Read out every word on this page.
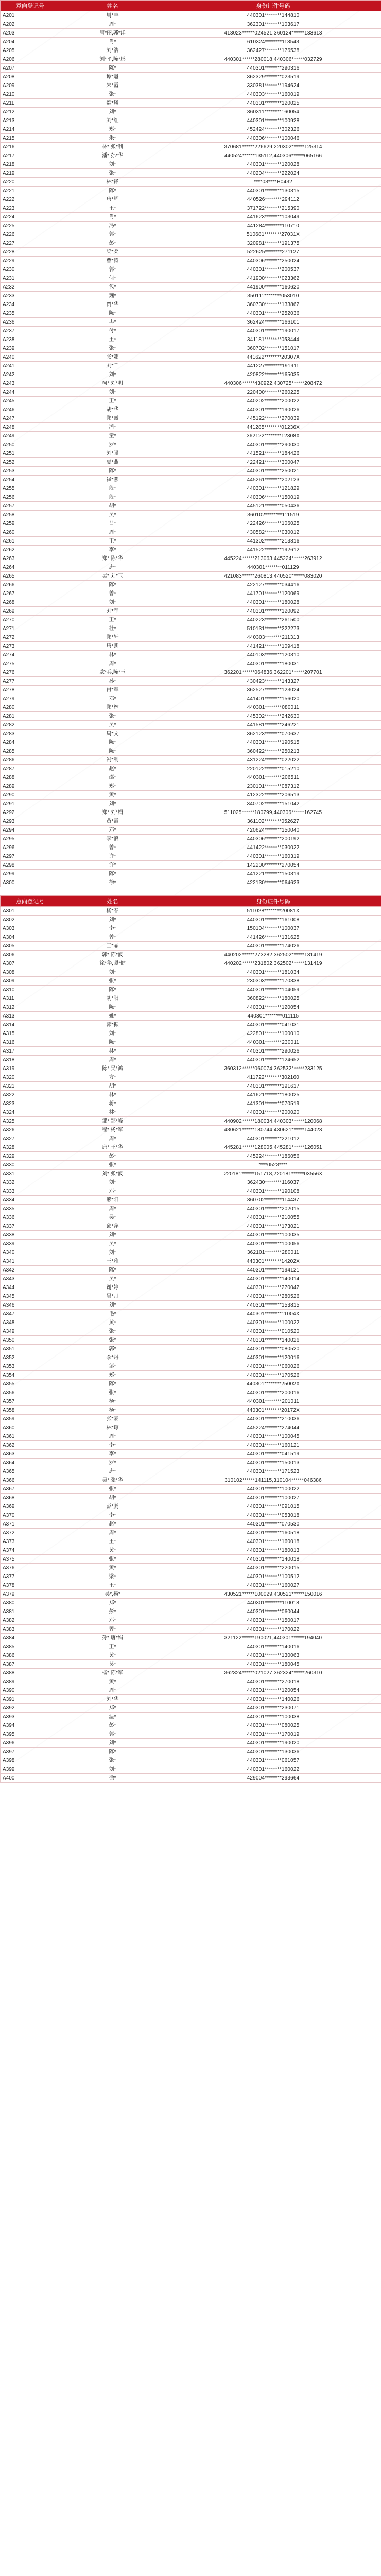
意向登记号	姓名	身份证件号码
A201	周*丰	440301********144810
A202	周*	362301********103617
A203	唐*丽,郭*洋	413023******024521,360124******133613
A204	肖*	610324********113543
A205	刘*浩	362427********176538
A206	刘*平,陈*彤	440301******280018,440306******032729
A207	陈*	440301********290316
A208	谭*魁	362329********023519
A209	朱*霞	330381********194624
A210	张*	440303********160019
A211	魏*凤	440301********120025
A212	刘*	360311********160054
A213	刘*红	440301********100928
A214	郑*	452424********302326
A215	朱*	440306********100046
A216	林*,张*利	370681******226629,220302******125314
A217	潘*,孙*华	440524******135112,440306******065166
A218	刘*	440301********120028
A219	张*	440204********222024
A220	林*锋	****03****H0432
A221	陈*	440301********130315
A222	唐*辉	440526********294112
A223	王*	371722********215390
A224	肖*	441623********103049
A225	冯*	441284********110710
A226	郭*	510681********27031X
A227	彭*	320981********191375
A228	梁*柔	522625********271127
A229	曹*涛	440306********250024
A230	郭*	440301********200537
A231	何*	441900********023362
A232	包*	441900********160620
A233	魏*	350111********053010
A234	贾*华	360730********133862
A235	陈*	440301********252036
A236	冉*	362424********166101
A237	付*	440301********190017
A238	王*	341181********053444
A239	张*	360702********151017
A240	张*娜	441622********20307X
A241	刘*千	441227********191911
A242	刘*	420822********165035
A243	柯*,刘*明	440306******430922,430725******208472
A244	刘*	220400********260225
A245	王*	440202********200022
A246	胡*华	440301********190026
A247	郑*露	445122********270039
A248	潘*	441285********01236X
A249	童*	362122********12308X
A250	罗*	440301********290030
A251	刘*强	441521********184426
A252	夏*燕	422421********300047
A253	陈*	440301********250021
A254	崔*燕	445261********202123
A255	段*	440301********121829
A256	段*	440306********150019
A257	胡*	445121********050436
A258	吴*	360102********111519
A259	吕*	422426********106025
A260	周*	430582********030012
A261	王*	441302********213816
A262	李*	441522********192612
A263	郑*,陈*华	445224******213063,445224******263912
A264	唐*	440301********011129
A265	吴*,刘*玉	421083******260813,440520******083020
A266	陈*	422127********034416
A267	曾*	441701********120069
A268	刘*	440301********180028
A269	刘*军	440301********120092
A270	王*	440223********261500
A271	杜*	510131********222273
A272	郑*轩	440303********211313
A273	唐*朗	441421********109418
A274	林*	440103********120310
A275	周*	440301********180031
A276	欧*兵,陈*玉	362201******064836,362201******207701
A277	孙*	430423********143327
A278	肖*军	362527********123024
A279	邓*	441401********156020
A280	郑*林	440301********080011
A281	张*	445302********242630
A282	吴*	441581********246221
A283	周*文	362123********070637
A284	陈*	440301********190515
A285	陈*	360422********250213
A286	冯*利	431224********022022
A287	赵*	220122********015210
A288	邵*	440301********206511
A289	郑*	230101********087312
A290	黄*	412322********206513
A291	刘*	340702********151042
A292	郑*,刘*娟	511025******180799,440306******162745
A293	黄*霞	361102********052627
A294	邓*	420624********150040
A295	李*浪	440306********200192
A296	曾*	441422********030022
A297	许*	440301********160319
A298	许*	142200********270054
A299	陈*	441221********150319
A300	徐*	422130********064623
意向登记号	姓名	身份证件号码
A301	杨*春	511028********20081X
A302	刘*	440301********161008
A303	李*	150104********100037
A304	曾*	441426********131625
A305	王*晶	440301********174026
A306	郭*,陈*波	440202******273282,362502******131419
A307	徐*华,谭*健	440202******231802,362502******131419
A308	刘*	440301********181034
A309	张*	230303********170338
A310	陈*	440301********104059
A311	胡*阳	360822********180025
A312	陈*	440301********120054
A313	姚*	440301********011115
A314	郭*振	440301********041031
A315	刘*	422801********100010
A316	陈*	440301********230011
A317	林*	440301********290026
A318	周*	440301********124652
A319	陈*,吴*鸿	360312******060074,362532******233125
A320	方*	411722********302160
A321	胡*	440301********191617
A322	林*	441621********180025
A323	蒋*	441301********070519
A324	林*	440301********200020
A325	邹*,邹*峰	440902******180034,440303******120068
A326	程*,杨*军	430621******180744,430621******144023
A327	周*	440301********221012
A328	唐*,王*华	445281******128005,445281******126051
A329	彭*	445224********186056
A330	张*	****0523****
A331	刘*,张*波	220181******151718,220181******03556X
A332	刘*	362430********116037
A333	邓*	440301********190108
A334	熊*阳	360702********114437
A335	周*	440301********202015
A336	吴*	440301********210055
A337	邱*萍	440301********173021
A338	刘*	440301********100035
A339	吴*	440301********100056
A340	刘*	362101********280011
A341	王*雅	440301********14202X
A342	陈*	440301********194121
A343	吴*	440301********140014
A344	谢*婷	440301********270042
A345	吴*月	440301********280526
A346	刘*	440301********153815
A347	毛*	440301********11004X
A348	黄*	440301********100022
A349	张*	440301********010520
A350	张*	440301********140026
A351	郭*	440301********080520
A352	李*丹	440301********120016
A353	邹*	440301********060026
A354	郑*	440301********170526
A355	陈*	440301********25002X
A356	张*	440301********200016
A357	杨*	440301********201011
A358	杨*	440301********20172X
A359	张*豪	440301********210036
A360	林*琼	445224********274044
A361	周*	440301********100045
A362	李*	440301********160121
A363	李*	440301********041519
A364	罗*	440301********150013
A365	唐*	440301********171523
A366	吴*,张*华	310102******141115,310104******046386
A367	张*	440301********100022
A368	胡*	440301********100027
A369	彭*鹏	440301********091015
A370	李*	440301********053018
A371	赵*	440301********070530
A372	周*	440301********160518
A373	王*	440301********160018
A374	黄*	440301********180013
A375	张*	440301********140018
A376	黄*	440301********220015
A377	梁*	440301********100512
A378	王*	440301********160027
A379	吴*,杨*	430521******100029,430521******150016
A380	郑*	440301********110018
A381	彭*	440301********060044
A382	邓*	440301********150017
A383	曾*	440301********170022
A384	孙*,唐*娟	321122******190021,440301******194040
A385	王*	440301********140016
A386	黄*	440301********130063
A387	莫*	440301********180045
A388	杨*,陈*军	362324******021027,362324******260310
A389	黄*	440301********270018
A390	周*	440301********120054
A391	刘*华	440301********140026
A392	郑*	440301********230071
A393	温*	440301********100038
A394	彭*	440301********080025
A395	郭*	440301********170019
A396	刘*	440301********190020
A397	陈*	440301********130036
A398	张*	440301********061057
A399	刘*	440301********160022
A400	徐*	429004********293664
